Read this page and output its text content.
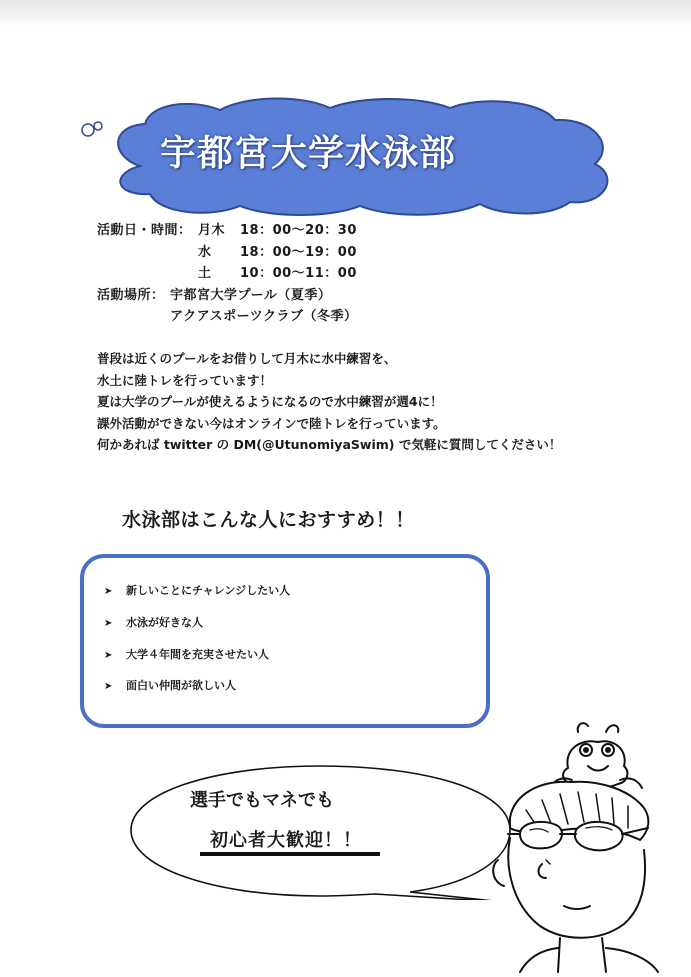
宇都宮大学水泳部
活動日・時間： 月木 18：00～20：30
水 18：00～19：00
土 10：00～11：00
活動場所： 宇都宮大学プール（夏季）
アクアスポーツクラブ（冬季）
普段は近くのプールをお借りして月木に水中練習を、
水土に陸トレを行っています！
夏は大学のプールが使えるようになるので水中練習が週4に！
課外活動ができない今はオンラインで陸トレを行っています。
何かあれば twitter の DM(@UtunomiyaSwim) で気軽に質問してください！
水泳部はこんな人におすすめ！！
➤ 新しいことにチャレンジしたい人
➤ 水泳が好きな人
➤ 大学４年間を充実させたい人
➤ 面白い仲間が欲しい人
選手でもマネでも
初心者大歓迎！！
